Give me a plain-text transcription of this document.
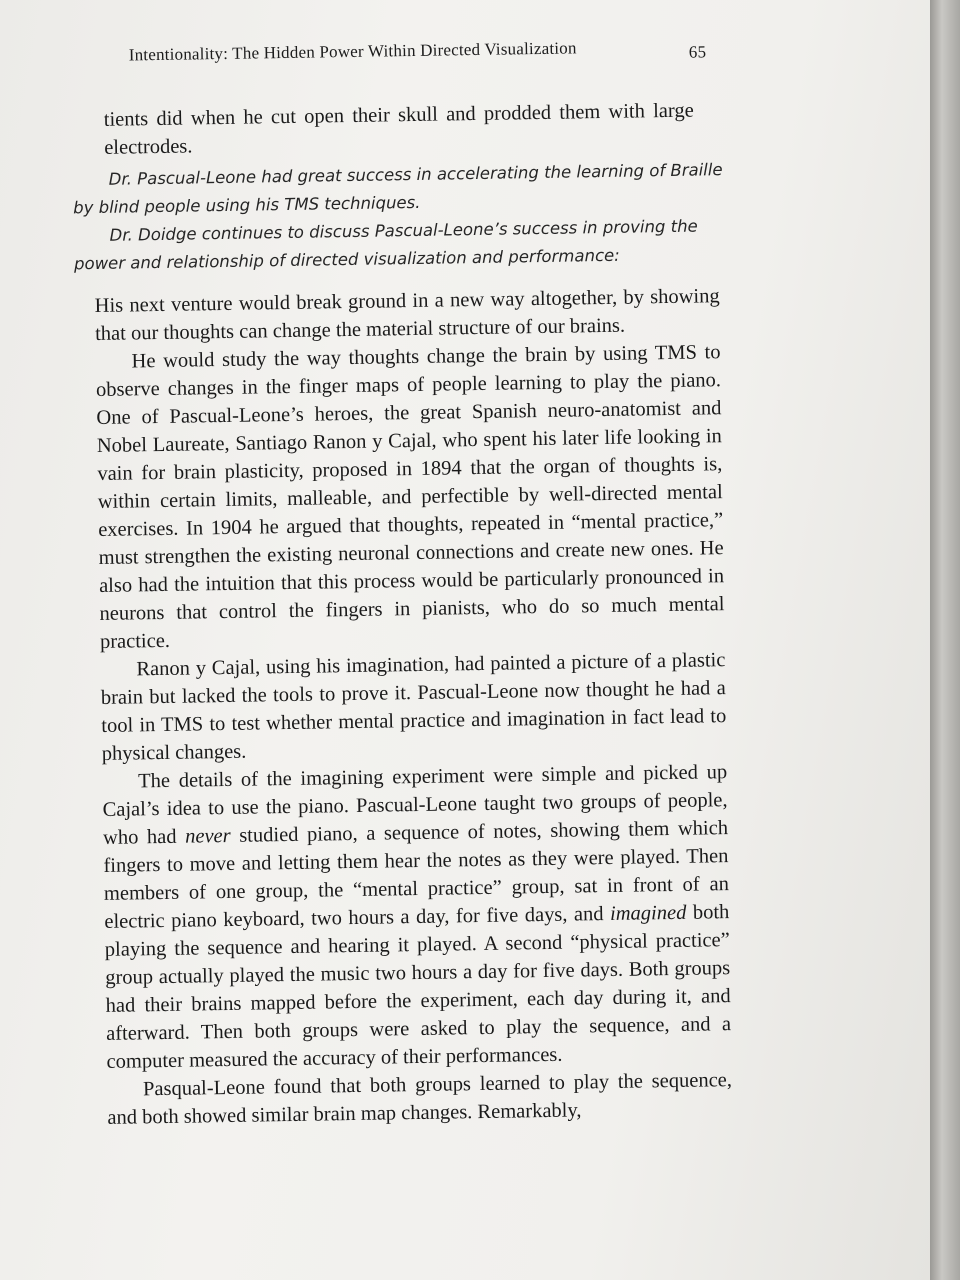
Intentionality: The Hidden Power Within Directed Visualization	65

tients did when he cut open their skull and prodded them with large electrodes.

Dr. Pascual-Leone had great success in accelerating the learning of Braille by blind people using his TMS techniques.

Dr. Doidge continues to discuss Pascual-Leone’s success in proving the power and relationship of directed visualization and performance:

His next venture would break ground in a new way altogether, by showing that our thoughts can change the material structure of our brains.

He would study the way thoughts change the brain by using TMS to observe changes in the finger maps of people learning to play the piano. One of Pascual-Leone’s heroes, the great Spanish neuro-anatomist and Nobel Laureate, Santiago Ranon y Cajal, who spent his later life looking in vain for brain plasticity, proposed in 1894 that the organ of thoughts is, within certain limits, malleable, and perfectible by well-directed mental exercises. In 1904 he argued that thoughts, repeated in “mental practice,” must strengthen the existing neuronal connections and create new ones. He also had the intuition that this process would be particularly pronounced in neurons that control the fingers in pianists, who do so much mental practice.

Ranon y Cajal, using his imagination, had painted a picture of a plastic brain but lacked the tools to prove it. Pascual-Leone now thought he had a tool in TMS to test whether mental practice and imagination in fact lead to physical changes.

The details of the imagining experiment were simple and picked up Cajal’s idea to use the piano. Pascual-Leone taught two groups of people, who had never studied piano, a sequence of notes, showing them which fingers to move and letting them hear the notes as they were played. Then members of one group, the “mental practice” group, sat in front of an electric piano keyboard, two hours a day, for five days, and imagined both playing the sequence and hearing it played. A second “physical practice” group actually played the music two hours a day for five days. Both groups had their brains mapped before the experiment, each day during it, and afterward. Then both groups were asked to play the sequence, and a computer measured the accuracy of their performances.

Pasqual-Leone found that both groups learned to play the sequence, and both showed similar brain map changes. Remarkably,
